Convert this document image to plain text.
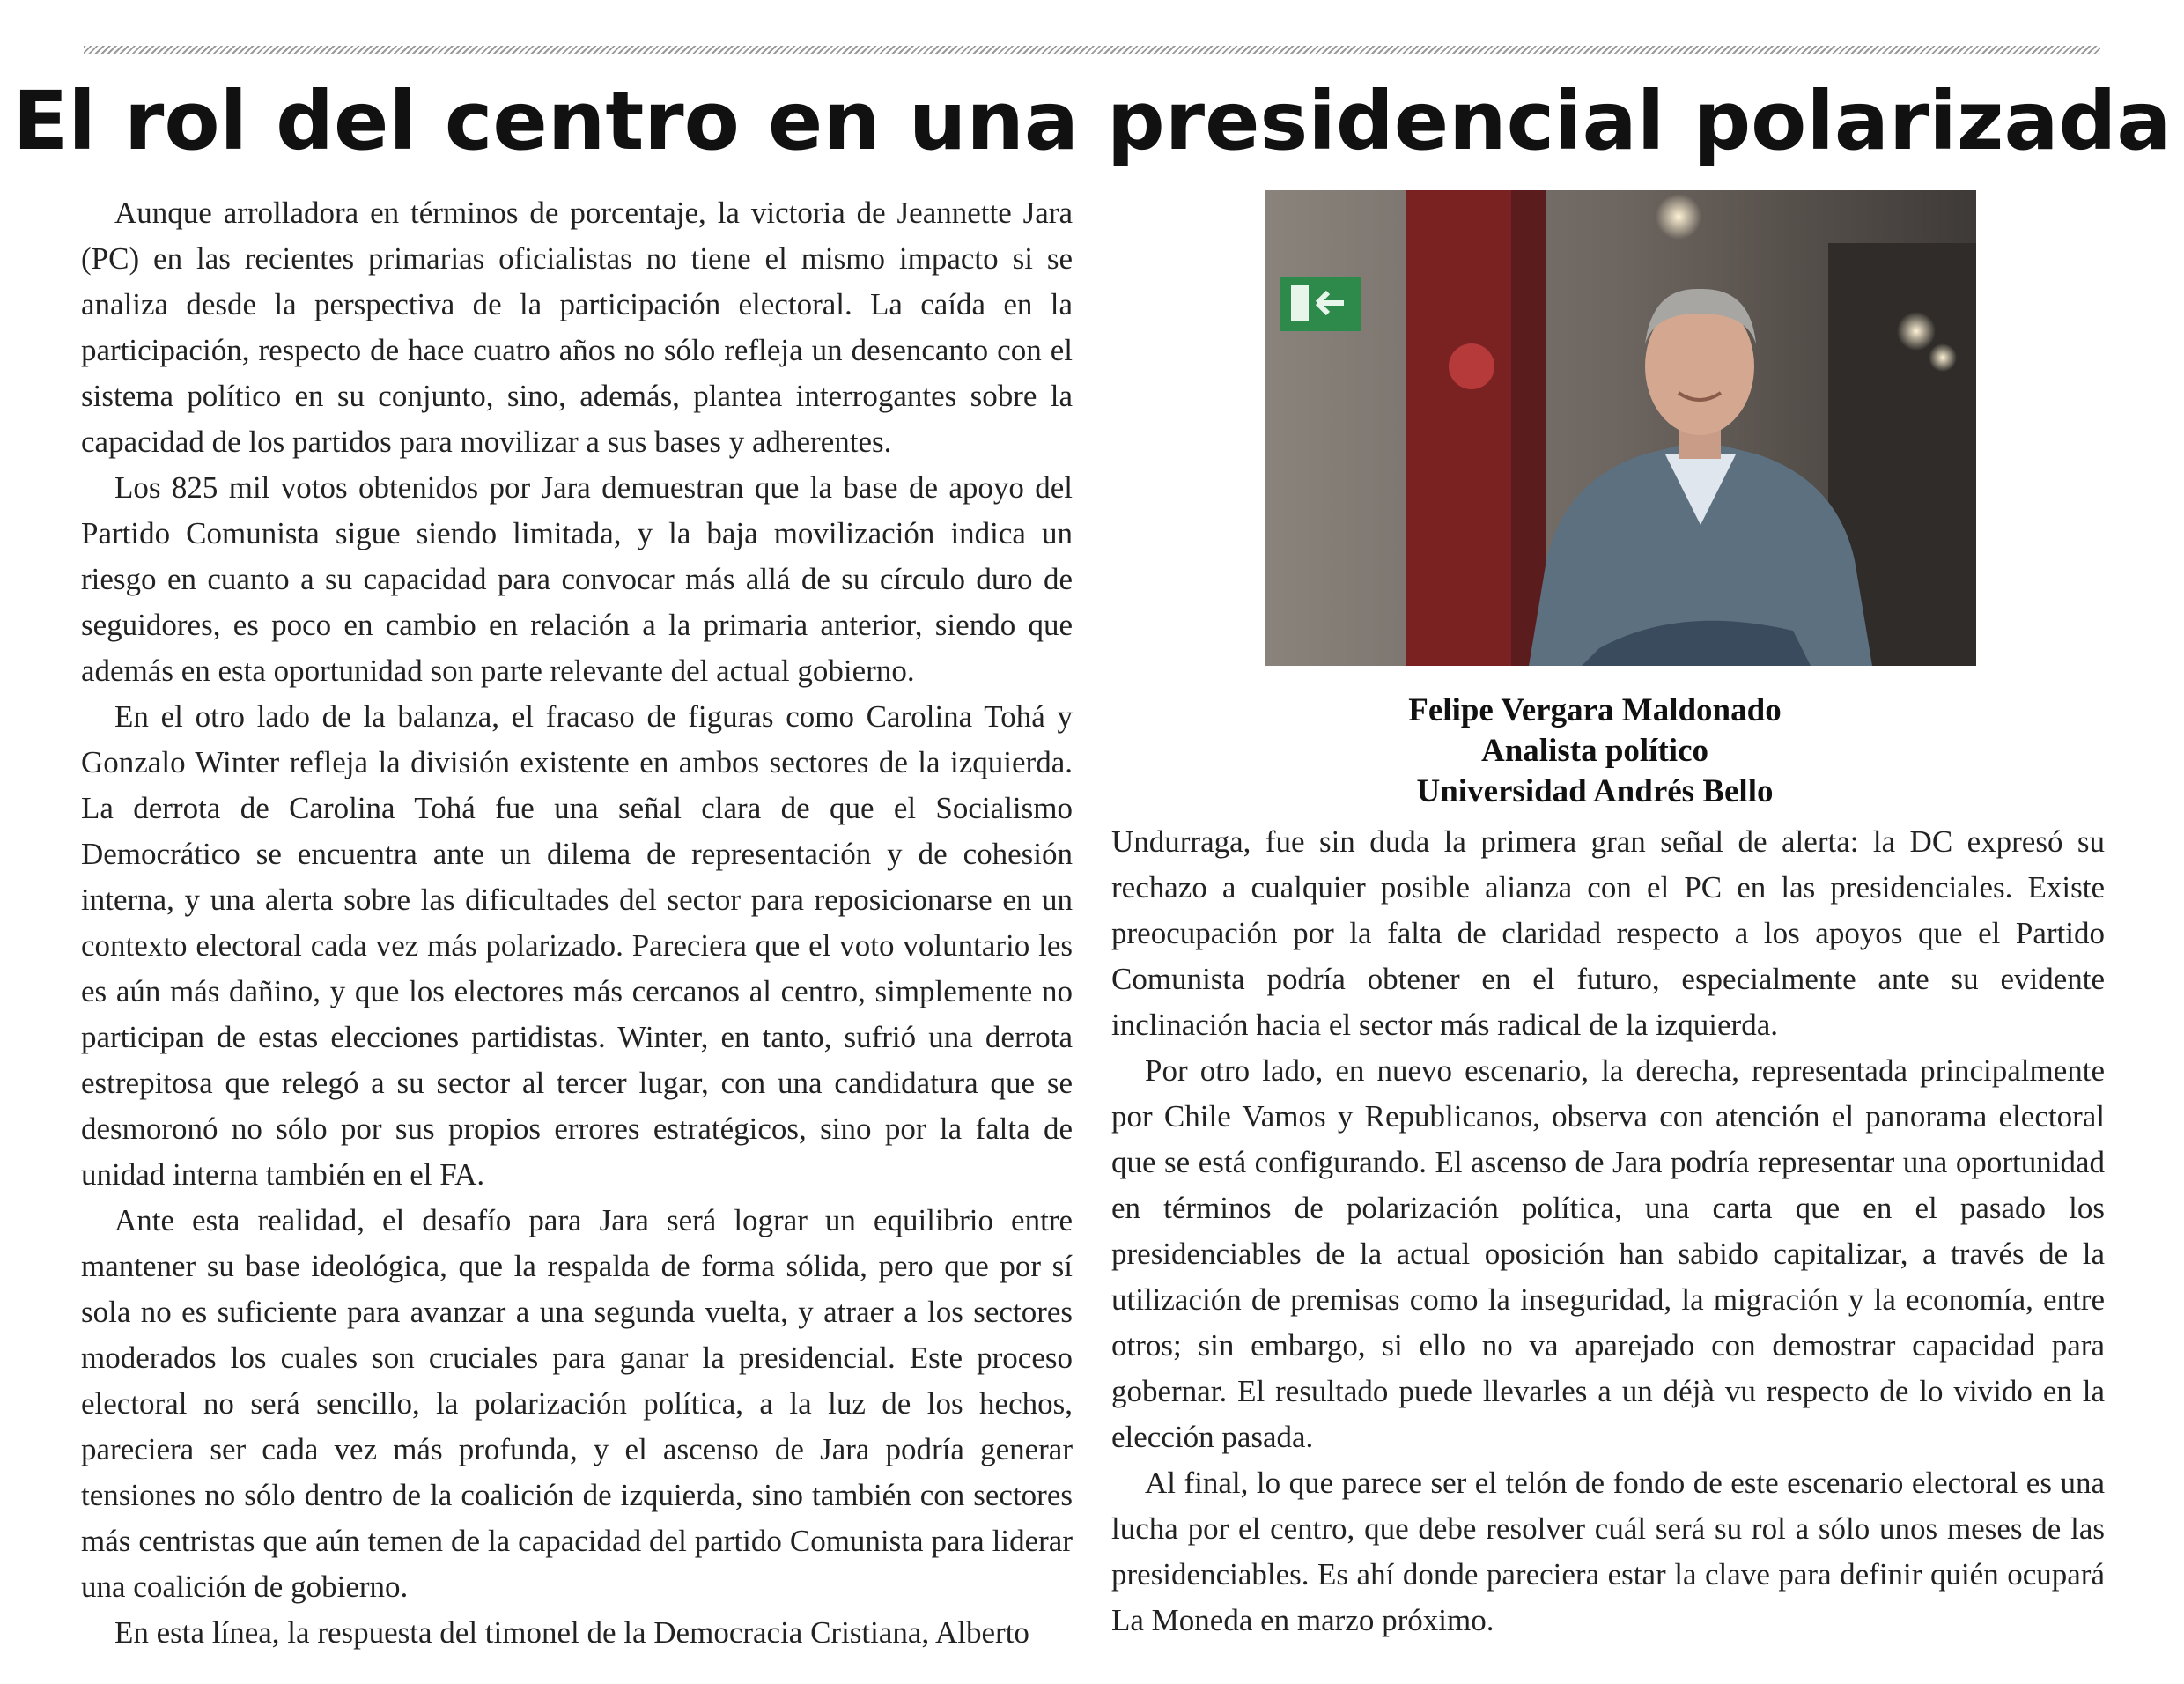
El rol del centro en una presidencial polarizada

Aunque arrolladora en términos de porcentaje, la victoria de Jeannette Jara (PC) en las recientes primarias oficialistas no tiene el mismo impacto si se analiza desde la perspectiva de la participación electoral. La caída en la participación, respecto de hace cuatro años no sólo refleja un desencanto con el sistema político en su conjunto, sino, además, plantea interrogantes sobre la capacidad de los partidos para movilizar a sus bases y adherentes.

Los 825 mil votos obtenidos por Jara demuestran que la base de apoyo del Partido Comunista sigue siendo limitada, y la baja movilización indica un riesgo en cuanto a su capacidad para convocar más allá de su círculo duro de seguidores, es poco en cambio en relación a la primaria anterior, siendo que además en esta oportunidad son parte relevante del actual gobierno.

En el otro lado de la balanza, el fracaso de figuras como Carolina Tohá y Gonzalo Winter refleja la división existente en ambos sectores de la izquierda. La derrota de Carolina Tohá fue una señal clara de que el Socialismo Democrático se encuentra ante un dilema de representación y de cohesión interna, y una alerta sobre las dificultades del sector para reposicionarse en un contexto electoral cada vez más polarizado. Pareciera que el voto voluntario les es aún más dañino, y que los electores más cercanos al centro, simplemente no participan de estas elecciones partidistas. Winter, en tanto, sufrió una derrota estrepitosa que relegó a su sector al tercer lugar, con una candidatura que se desmoronó no sólo por sus propios errores estratégicos, sino por la falta de unidad interna también en el FA.

Ante esta realidad, el desafío para Jara será lograr un equilibrio entre mantener su base ideológica, que la respalda de forma sólida, pero que por sí sola no es suficiente para avanzar a una segunda vuelta, y atraer a los sectores moderados los cuales son cruciales para ganar la presidencial. Este proceso electoral no será sencillo, la polarización política, a la luz de los hechos, pareciera ser cada vez más profunda, y el ascenso de Jara podría generar tensiones no sólo dentro de la coalición de izquierda, sino también con sectores más centristas que aún temen de la capacidad del partido Comunista para liderar una coalición de gobierno.

En esta línea, la respuesta del timonel de la Democracia Cristiana, Alberto

Felipe Vergara Maldonado
Analista político
Universidad Andrés Bello

Undurraga, fue sin duda la primera gran señal de alerta: la DC expresó su rechazo a cualquier posible alianza con el PC en las presidenciales. Existe preocupación por la falta de claridad respecto a los apoyos que el Partido Comunista podría obtener en el futuro, especialmente ante su evidente inclinación hacia el sector más radical de la izquierda.

Por otro lado, en nuevo escenario, la derecha, representada principalmente por Chile Vamos y Republicanos, observa con atención el panorama electoral que se está configurando. El ascenso de Jara podría representar una oportunidad en términos de polarización política, una carta que en el pasado los presidenciables de la actual oposición han sabido capitalizar, a través de la utilización de premisas como la inseguridad, la migración y la economía, entre otros; sin embargo, si ello no va aparejado con demostrar capacidad para gobernar. El resultado puede llevarles a un déjà vu respecto de lo vivido en la elección pasada.

Al final, lo que parece ser el telón de fondo de este escenario electoral es una lucha por el centro, que debe resolver cuál será su rol a sólo unos meses de las presidenciables. Es ahí donde pareciera estar la clave para definir quién ocupará La Moneda en marzo próximo.
